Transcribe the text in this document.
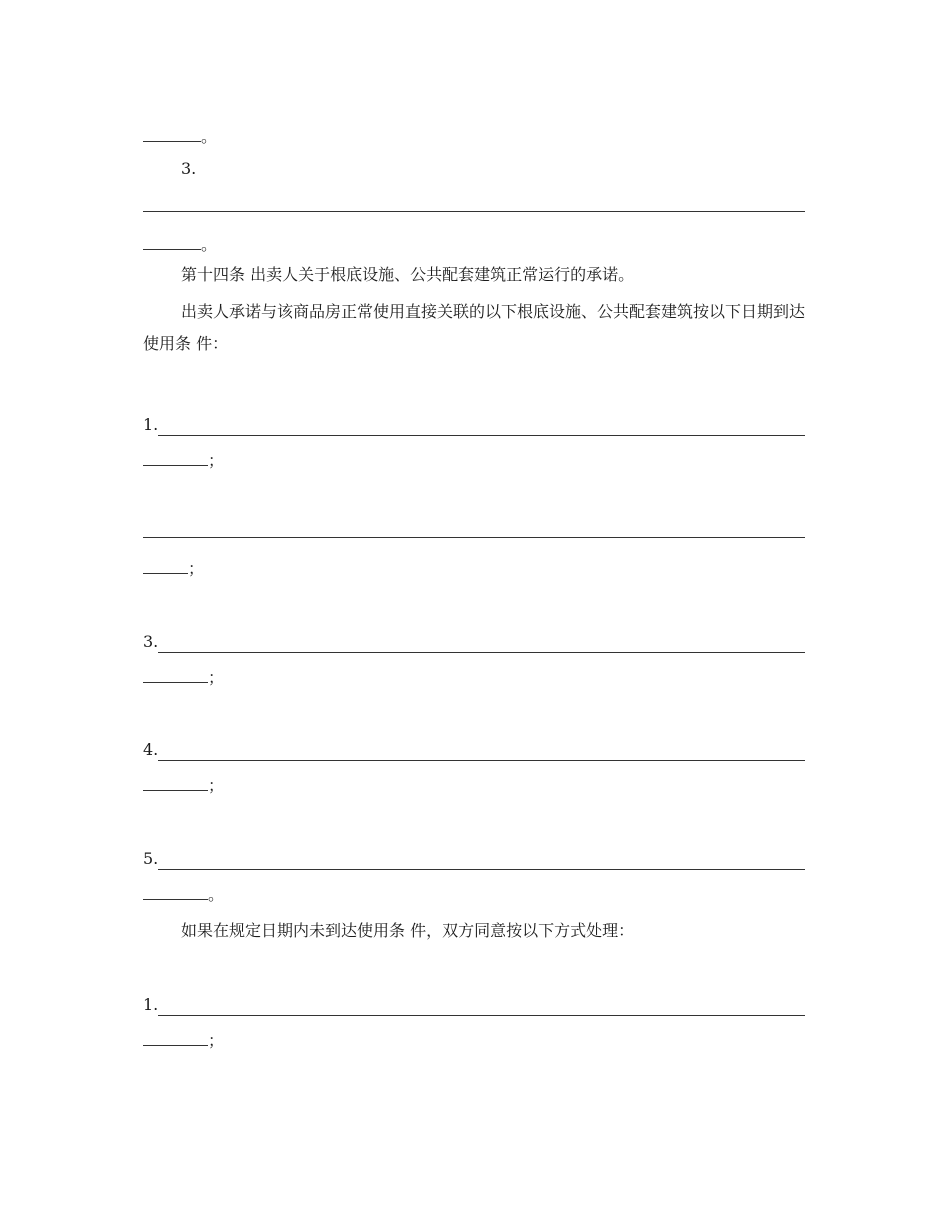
。
3.
。
第十四条 出卖人关于根底设施、公共配套建筑正常运行的承诺。
出卖人承诺与该商品房正常使用直接关联的以下根底设施、公共配套建筑按以下日期到达使用条 件：
1.
；
；
3.
；
4.
；
5.
。
如果在规定日期内未到达使用条 件，双方同意按以下方式处理：
1.
；
